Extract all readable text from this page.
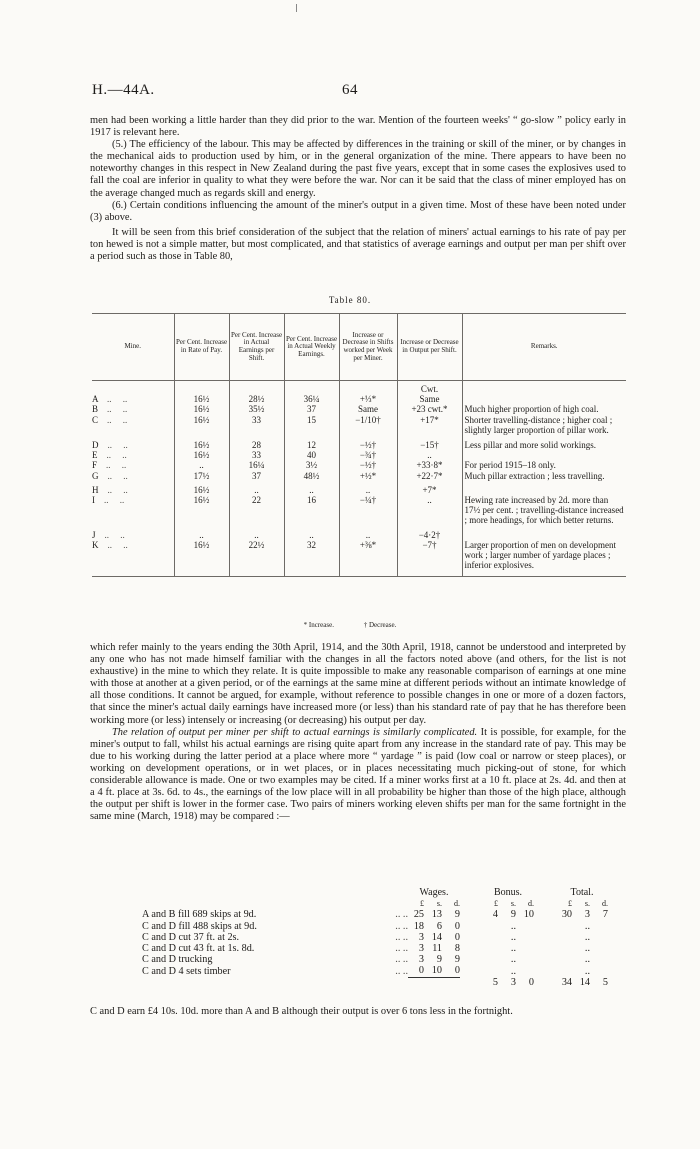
64
H.—44A.

men had been working a little harder than they did prior to the war. Mention of the fourteen weeks' “ go-slow ” policy early in 1917 is relevant here.

(5.) The efficiency of the labour. This may be affected by differences in the training or skill of the miner, or by changes in the mechanical aids to production used by him, or in the general organization of the mine. There appears to have been no noteworthy changes in this respect in New Zealand during the past five years, except that in some cases the explosives used to fall the coal are inferior in quality to what they were before the war. Nor can it be said that the class of miner employed has on the average changed much as regards skill and energy.

(6.) Certain conditions influencing the amount of the miner's output in a given time. Most of these have been noted under (3) above.

It will be seen from this brief consideration of the subject that the relation of miners' actual earnings to his rate of pay per ton hewed is not a simple matter, but most complicated, and that statistics of average earnings and output per man per shift over a period such as those in Table 80,

Table 80.
Mine.	Per Cent. Increase in Rate of Pay.	Per Cent. Increase in Actual Earnings per Shift.	Per Cent. Increase in Actual Weekly Earnings.	Increase or Decrease in Shifts worked per Week per Miner.	Increase or Decrease in Output per Shift.	Remarks.
					Cwt.	
A    ..     ..	16½	28½	36¼	+⅓*	Same	
B    ..     ..	16½	35½	37	Same	+23 cwt.*	Much higher proportion of high coal.
C    ..     ..	16½	33	15	−1/10†	+17*	Shorter travelling-distance ; higher coal ; slightly larger proportion of pillar work.
D    ..     ..	16½	28	12	−½†	−15†	Less pillar and more solid workings.
E    ..     ..	16½	33	40	−¾†	..	
F    ..     ..	..	16¼	3½	−½†	+33·8*	For period 1915–18 only.
G    ..     ..	17½	37	48½	+½*	+22·7*	Much pillar extraction ; less travelling.
H    ..     ..	16½	..	..	..	+7*	
I    ..     ..	16½	22	16	−¼†	..	Hewing rate increased by 2d. more than 17½ per cent. ; travelling-distance increased ; more headings, for which better returns.
J    ..     ..	..	..	..	..	−4·2†	
K    ..     ..	16½	22½	32	+⅜*	−7†	Larger proportion of men on development work ; larger number of yardage places ; inferior explosives.
* Increase.	† Decrease.

which refer mainly to the years ending the 30th April, 1914, and the 30th April, 1918, cannot be understood and interpreted by any one who has not made himself familiar with the changes in all the factors noted above (and others, for the list is not exhaustive) in the mine to which they relate. It is quite impossible to make any reasonable comparison of earnings at one mine with those at another at a given period, or of the earnings at the same mine at different periods without an intimate knowledge of all those conditions. It cannot be argued, for example, without reference to possible changes in one or more of a dozen factors, that since the miner's actual daily earnings have increased more (or less) than his standard rate of pay that he has therefore been working more (or less) intensely or increasing (or decreasing) his output per day.

The relation of output per miner per shift to actual earnings is similarly complicated. It is possible, for example, for the miner's output to fall, whilst his actual earnings are rising quite apart from any increase in the standard rate of pay. This may be due to his working during the latter period at a place where more “ yardage ” is paid (low coal or narrow or steep places), or working on development operations, or in wet places, or in places necessitating much picking-out of stone, for which considerable allowance is made. One or two examples may be cited. If a miner works first at a 10 ft. place at 2s. 4d. and then at a 4 ft. place at 3s. 6d. to 4s., the earnings of the low place will in all probability be higher than those of the high place, although the output per shift is lower in the former case. Two pairs of miners working eleven shifts per man for the same fortnight in the same mine (March, 1918) may be compared :—

		Wages.				Bonus.				Total.		
		£	s.	d.		£	s.	d.		£	s.	d.
A and B fill 689 skips at 9d.	.. ..	25	13	9		4	9	10		30	3	7
C and D fill 488 skips at 9d.	.. ..	18	6	0			..				..	
C and D cut 37 ft. at 2s.	.. ..	3	14	0			..				..	
C and D cut 43 ft. at 1s. 8d.	.. ..	3	11	8			..				..	
C and D trucking	.. ..	3	9	9			..				..	
C and D 4 sets timber	.. ..	0	10	0			..				..	
						5	3	0		34	14	5
C and D earn £4 10s. 10d. more than A and B although their output is over 6 tons less in the fortnight.
